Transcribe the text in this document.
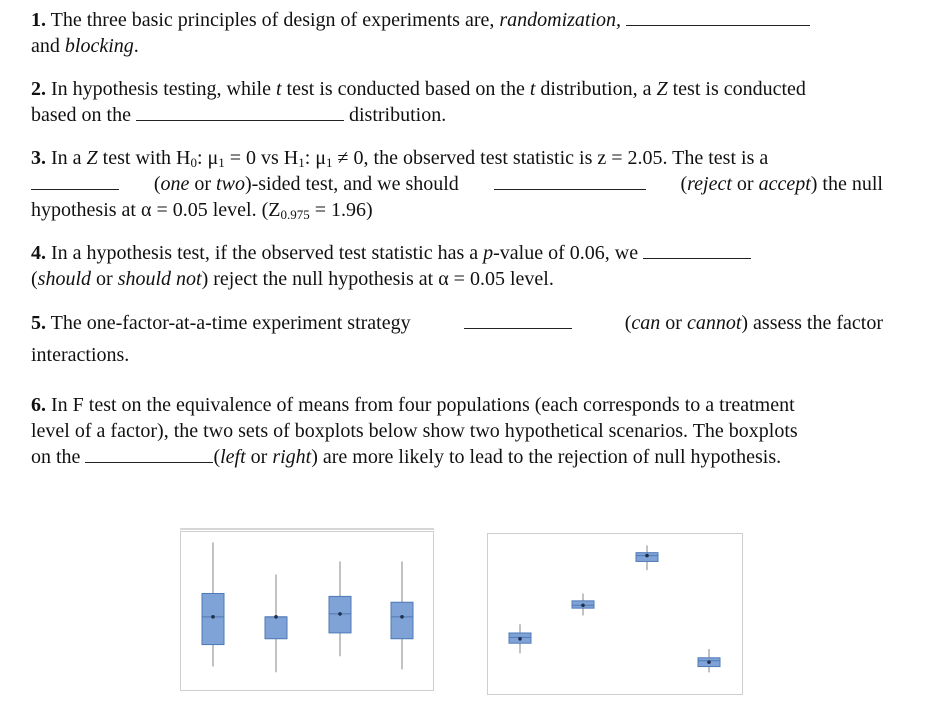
1. The three basic principles of design of experiments are, randomization,
and blocking.
2. In hypothesis testing, while t test is conducted based on the t distribution, a Z test is conducted
based on the	distribution.
3. In a Z test with $H_0$: $\mu_1 = 0$ vs $H_1$: $\mu_1 \ne 0$, the observed test statistic is z = 2.05. The test is a
(one or two)-sided test, and we should	(reject or accept) the null
hypothesis at α = 0.05 level. $(Z_{0.975} = 1.96)$
4. In a hypothesis test, if the observed test statistic has a p-value of 0.06, we
(should or should not) reject the null hypothesis at α = 0.05 level.
5. The one-factor-at-a-time experiment strategy	(can or cannot) assess the factor
interactions.
6. In F test on the equivalence of means from four populations (each corresponds to a treatment
level of a factor), the two sets of boxplots below show two hypothetical scenarios. The boxplots
on the	(left or right) are more likely to lead to the rejection of null hypothesis.
